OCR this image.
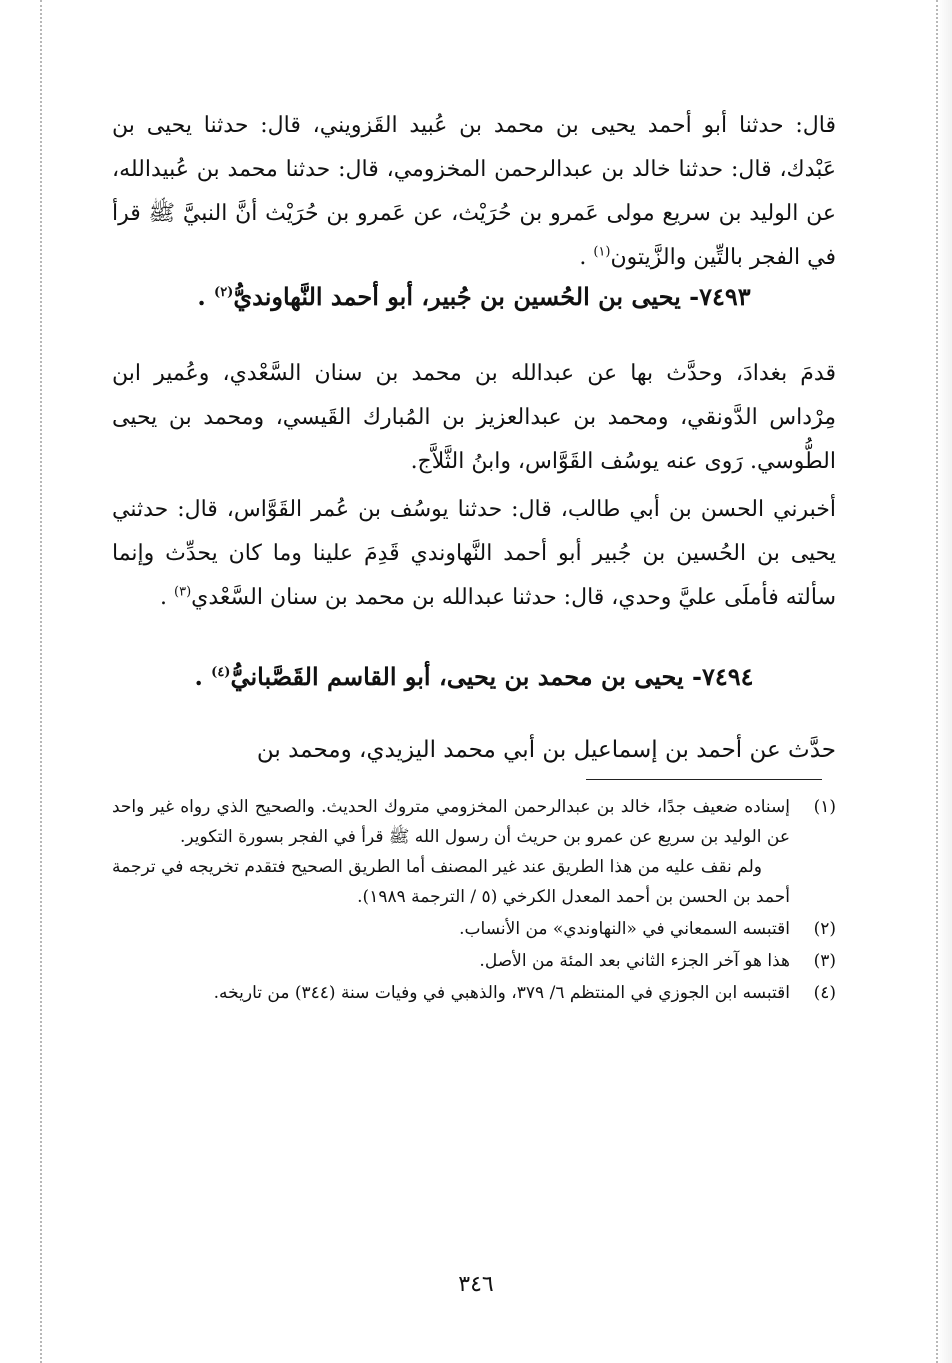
قال: حدثنا أبو أحمد يحيى بن محمد بن عُبيد القَزويني، قال: حدثنا يحيى بن عَبْدك، قال: حدثنا خالد بن عبدالرحمن المخزومي، قال: حدثنا محمد بن عُبيدالله، عن الوليد بن سريع مولى عَمرو بن حُرَيْث، عن عَمرو بن حُرَيْث أنَّ النبيَّ ﷺ قرأ في الفجر بالتِّين والزَّيتون$^{(١)}$ .
٧٤٩٣- يحيى بن الحُسين بن جُبير، أبو أحمد النَّهاونديُّ$^{(٢)}$ .
قدمَ بغدادَ، وحدَّث بها عن عبدالله بن محمد بن سنان السَّعْدي، وعُمير ابن مِرْداس الدَّونقي، ومحمد بن عبدالعزيز بن المُبارك القَيسي، ومحمد بن يحيى الطُّوسي. رَوى عنه يوسُف القَوَّاس، وابنُ الثَّلاَّج.
أخبرني الحسن بن أبي طالب، قال: حدثنا يوسُف بن عُمر القَوَّاس، قال: حدثني يحيى بن الحُسين بن جُبير أبو أحمد النَّهاوندي قَدِمَ علينا وما كان يحدِّث وإنما سألته فأملَى عليَّ وحدي، قال: حدثنا عبدالله بن محمد بن سنان السَّعْدي$^{(٣)}$ .
٧٤٩٤- يحيى بن محمد بن يحيى، أبو القاسم القَصَّبانيُّ$^{(٤)}$ .
حدَّث عن أحمد بن إسماعيل بن أبي محمد اليزيدي، ومحمد بن
(١)
إسناده ضعيف جدًا، خالد بن عبدالرحمن المخزومي متروك الحديث. والصحيح الذي رواه غير واحد عن الوليد بن سريع عن عمرو بن حريث أن رسول الله ﷺ قرأ في الفجر بسورة التكوير.
ولم نقف عليه من هذا الطريق عند غير المصنف أما الطريق الصحيح فتقدم تخريجه في ترجمة أحمد بن الحسن بن أحمد المعدل الكرخي (٥ / الترجمة ١٩٨٩).
(٢)
اقتبسه السمعاني في «النهاوندي» من الأنساب.
(٣)
هذا هو آخر الجزء الثاني بعد المئة من الأصل.
(٤)
اقتبسه ابن الجوزي في المنتظم ٦/ ٣٧٩، والذهبي في وفيات سنة (٣٤٤) من تاريخه.
٣٤٦
